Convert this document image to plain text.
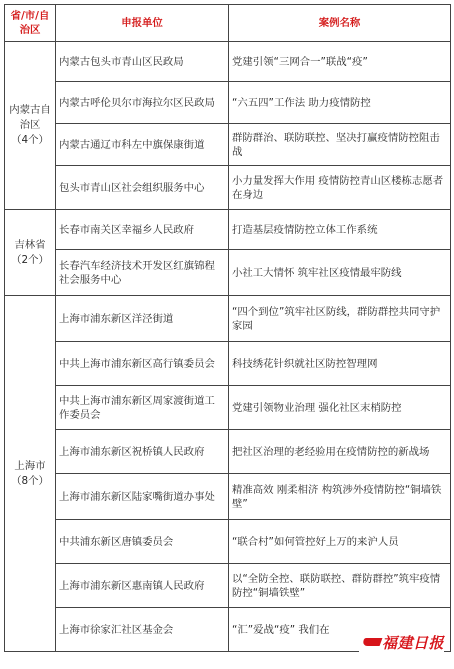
省/市/自治区	申报单位	案例名称
内蒙古自治区
（4个）	内蒙古包头市青山区民政局	党建引领“三网合一”联战“疫”
	内蒙古呼伦贝尔市海拉尔区民政局	“六五四”工作法 助力疫情防控
	内蒙古通辽市科左中旗保康街道	群防群治、联防联控、坚决打赢疫情防控阻击战
	包头市青山区社会组织服务中心	小力量发挥大作用 疫情防控青山区楼栋志愿者在身边
吉林省
（2个）	长春市南关区幸福乡人民政府	打造基层疫情防控立体工作系统
	长春汽车经济技术开发区红旗锦程社会服务中心	小社工大情怀 筑牢社区疫情最牢防线
上海市
（8个）	上海市浦东新区洋泾街道	“四个到位”筑牢社区防线，群防群控共同守护家园
	中共上海市浦东新区高行镇委员会	科技绣花针织就社区防控智理网
	中共上海市浦东新区周家渡街道工作委员会	党建引领物业治理 强化社区末梢防控
	上海市浦东新区祝桥镇人民政府	把社区治理的老经验用在疫情防控的新战场
	上海市浦东新区陆家嘴街道办事处	精准高效 刚柔相济 构筑涉外疫情防控“铜墙铁壁”
	中共浦东新区唐镇委员会	“联合村”如何管控好上万的来沪人员
	上海市浦东新区惠南镇人民政府	以“全防全控、联防联控、群防群控”筑牢疫情防控“铜墙铁壁”
	上海市徐家汇社区基金会	“汇”爱战“疫” 我们在
福建日报
